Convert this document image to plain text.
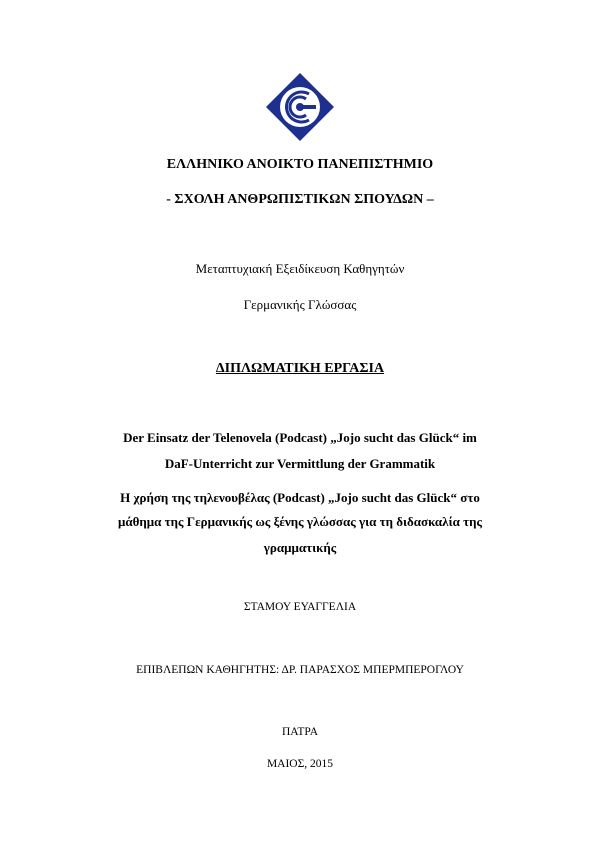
ΕΛΛΗΝΙΚΟ ΑΝΟΙΚΤΟ ΠΑΝΕΠΙΣΤΗΜΙΟ
- ΣΧΟΛΗ ΑΝΘΡΩΠΙΣΤΙΚΩΝ ΣΠΟΥΔΩΝ –
Μεταπτυχιακή Εξειδίκευση Καθηγητών
Γερμανικής Γλώσσας
ΔΙΠΛΩΜΑΤΙΚΗ ΕΡΓΑΣΙΑ
Der Einsatz der Telenovela (Podcast) „Jojo sucht das Glück“ im
DaF-Unterricht zur Vermittlung der Grammatik
Η χρήση της τηλενουβέλας (Podcast) „Jojo sucht das Glück“ στο
μάθημα της Γερμανικής ως ξένης γλώσσας για τη διδασκαλία της
γραμματικής
ΣΤΑΜΟΥ ΕΥΑΓΓΕΛΙΑ
ΕΠΙΒΛΕΠΩΝ ΚΑΘΗΓΗΤΗΣ: ΔΡ. ΠΑΡΑΣΧΟΣ ΜΠΕΡΜΠΕΡΟΓΛΟΥ
ΠΑΤΡΑ
ΜΑΙΟΣ, 2015
